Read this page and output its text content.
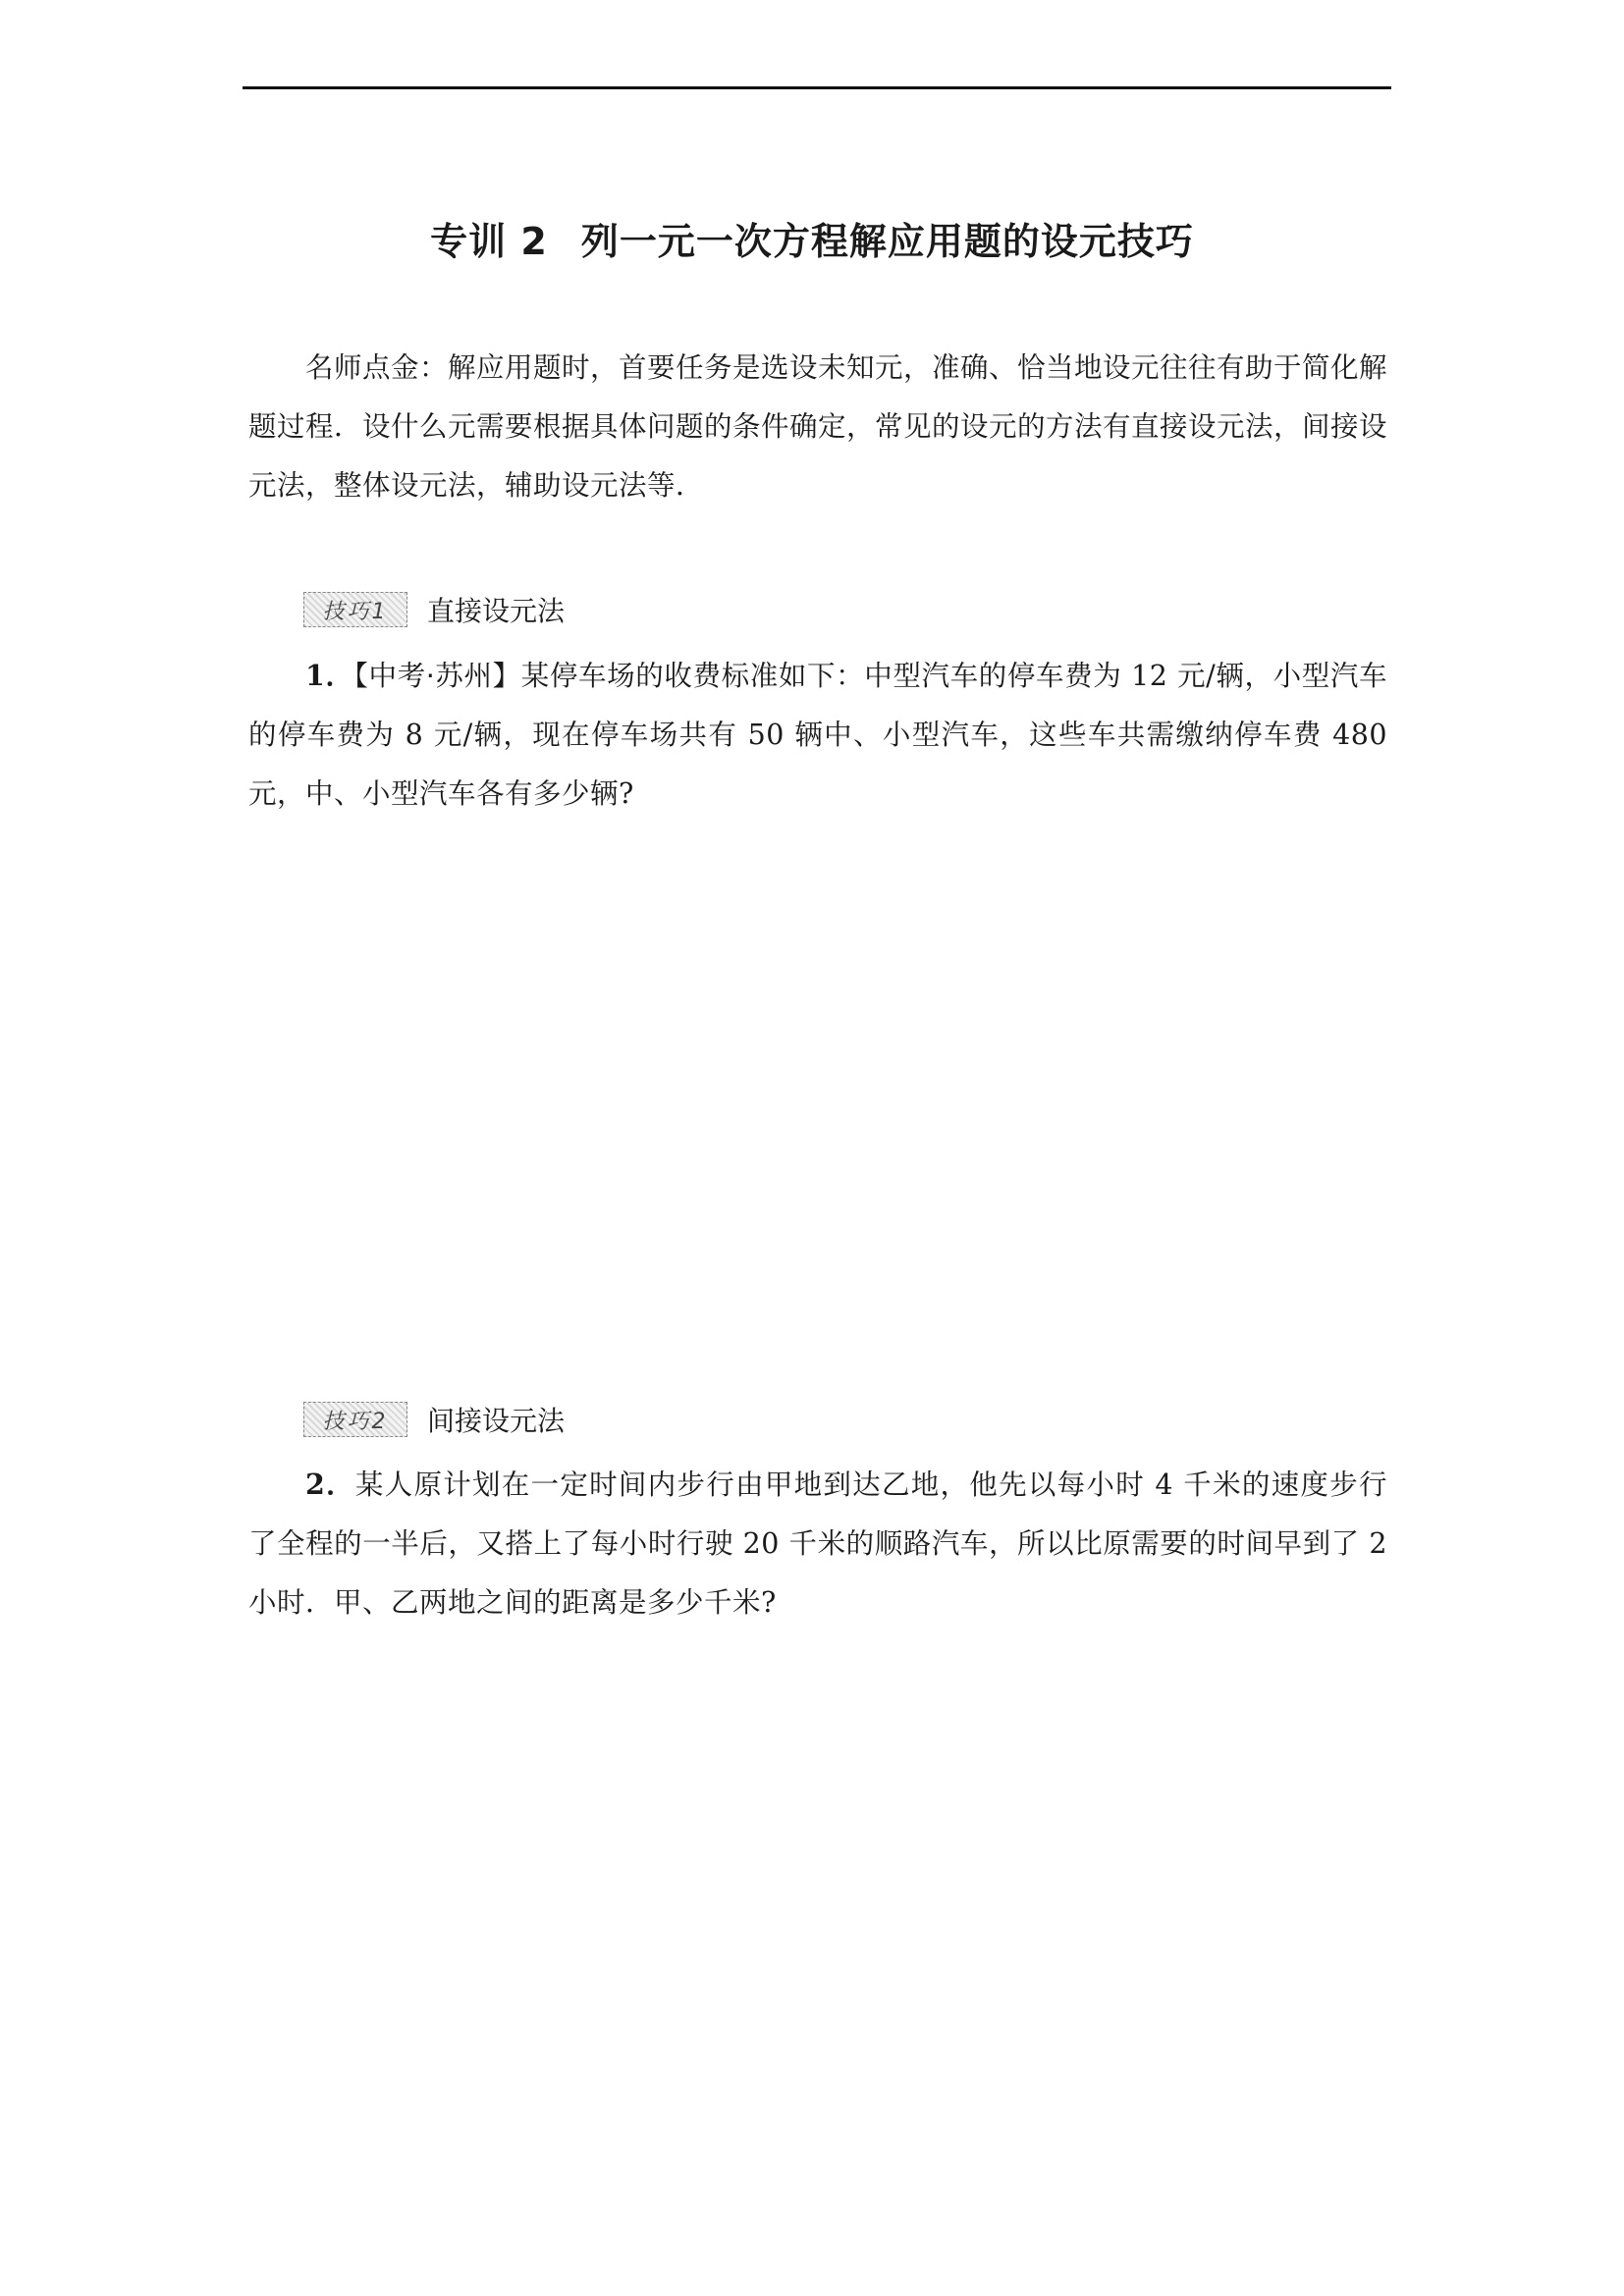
专训 2 列一元一次方程解应用题的设元技巧

名师点金：解应用题时，首要任务是选设未知元，准确、恰当地设元往往有助于简化解题过程．设什么元需要根据具体问题的条件确定，常见的设元的方法有直接设元法，间接设元法，整体设元法，辅助设元法等．

技巧1	直接设元法

1．【中考·苏州】某停车场的收费标准如下：中型汽车的停车费为 12 元/辆，小型汽车的停车费为 8 元/辆，现在停车场共有 50 辆中、小型汽车，这些车共需缴纳停车费 480 元，中、小型汽车各有多少辆?

技巧2	间接设元法

2．某人原计划在一定时间内步行由甲地到达乙地，他先以每小时 4 千米的速度步行了全程的一半后，又搭上了每小时行驶 20 千米的顺路汽车，所以比原需要的时间早到了 2 小时．甲、乙两地之间的距离是多少千米?
